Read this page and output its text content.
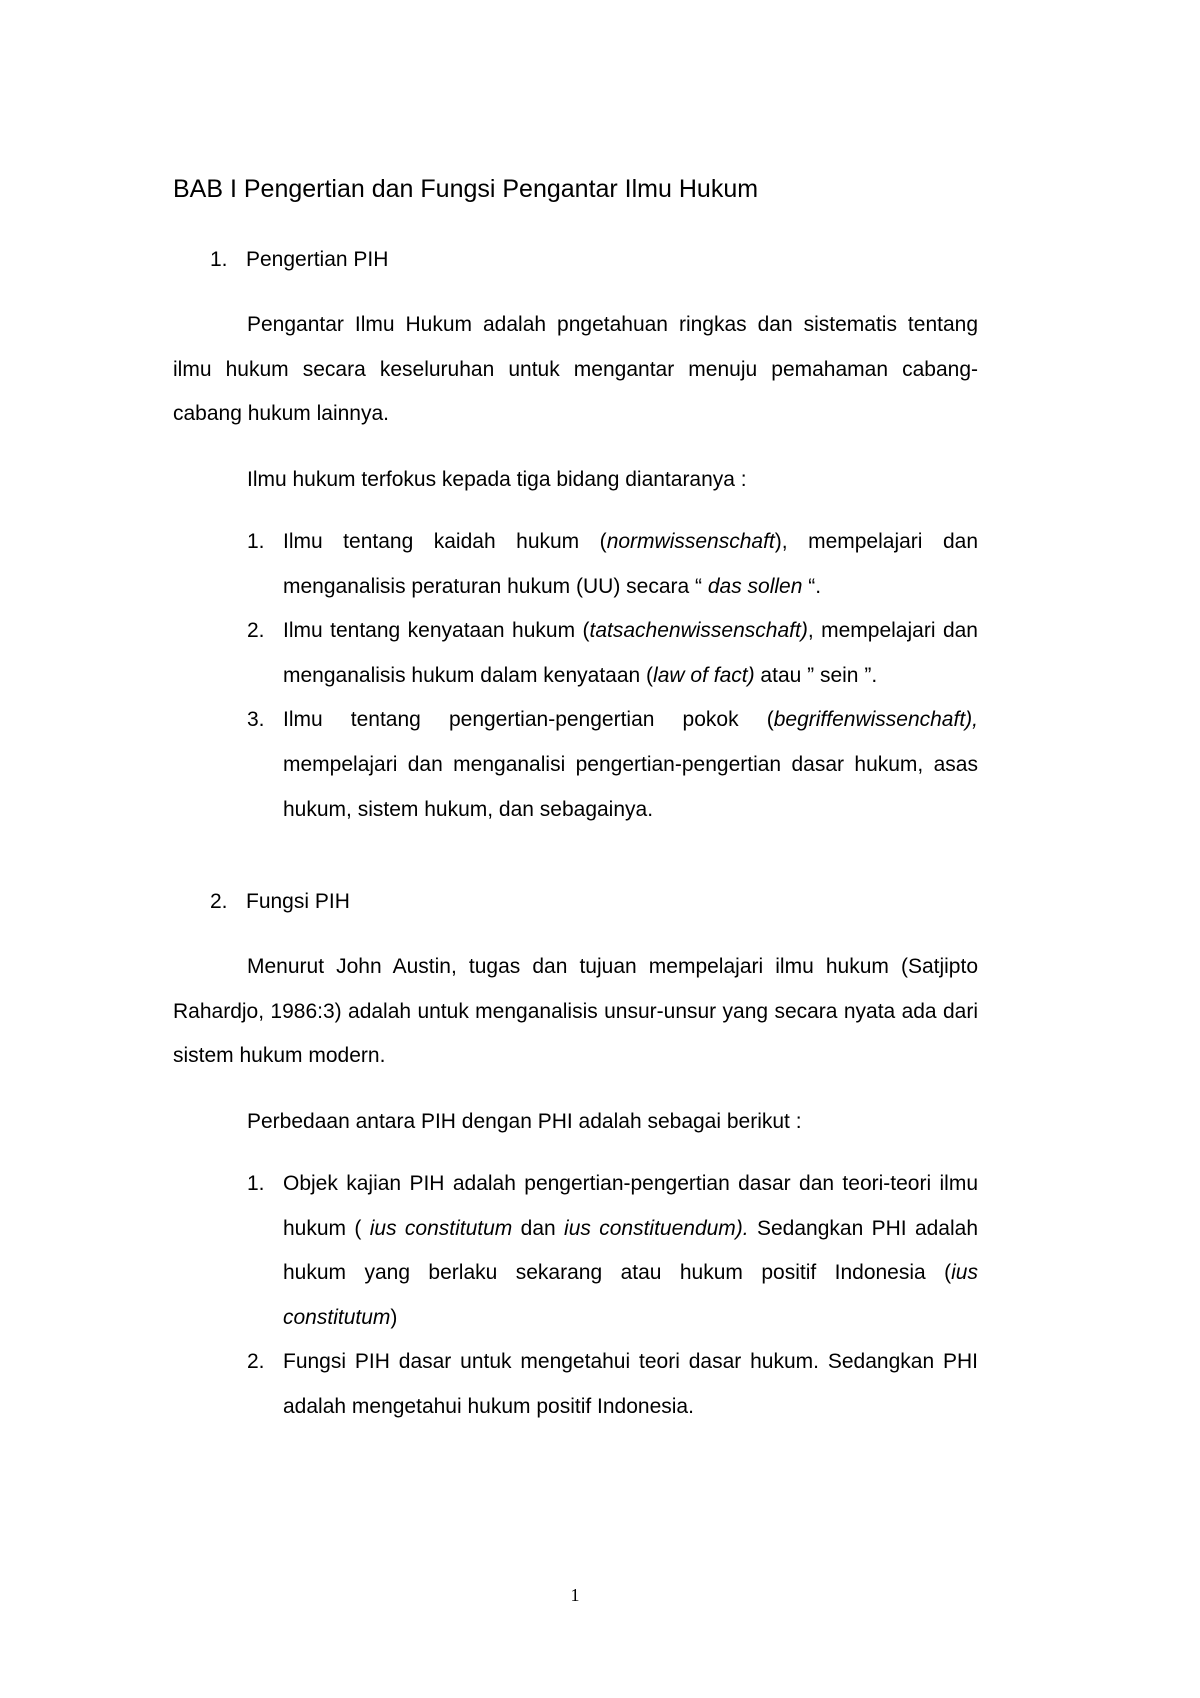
BAB I Pengertian dan Fungsi Pengantar Ilmu Hukum
1. Pengertian PIH

Pengantar Ilmu Hukum adalah pngetahuan ringkas dan sistematis tentang ilmu hukum secara keseluruhan untuk mengantar menuju pemahaman cabang-cabang hukum lainnya.

Ilmu hukum terfokus kepada tiga bidang diantaranya :
1. Ilmu tentang kaidah hukum (normwissenschaft), mempelajari dan menganalisis peraturan hukum (UU) secara “ das sollen “.
2. Ilmu tentang kenyataan hukum (tatsachenwissenschaft), mempelajari dan menganalisis hukum dalam kenyataan (law of fact) atau ” sein ”.
3. Ilmu tentang pengertian-pengertian pokok (begriffenwissenchaft), mempelajari dan menganalisi pengertian-pengertian dasar hukum, asas hukum, sistem hukum, dan sebagainya.
2. Fungsi PIH

Menurut John Austin, tugas dan tujuan mempelajari ilmu hukum (Satjipto Rahardjo, 1986:3) adalah untuk menganalisis unsur-unsur yang secara nyata ada dari sistem hukum modern.

Perbedaan antara PIH dengan PHI adalah sebagai berikut :
1. Objek kajian PIH adalah pengertian-pengertian dasar dan teori-teori ilmu hukum ( ius constitutum dan ius constituendum). Sedangkan PHI adalah hukum yang berlaku sekarang atau hukum positif Indonesia (ius constitutum)
2. Fungsi PIH dasar untuk mengetahui teori dasar hukum. Sedangkan PHI adalah mengetahui hukum positif Indonesia.
1
